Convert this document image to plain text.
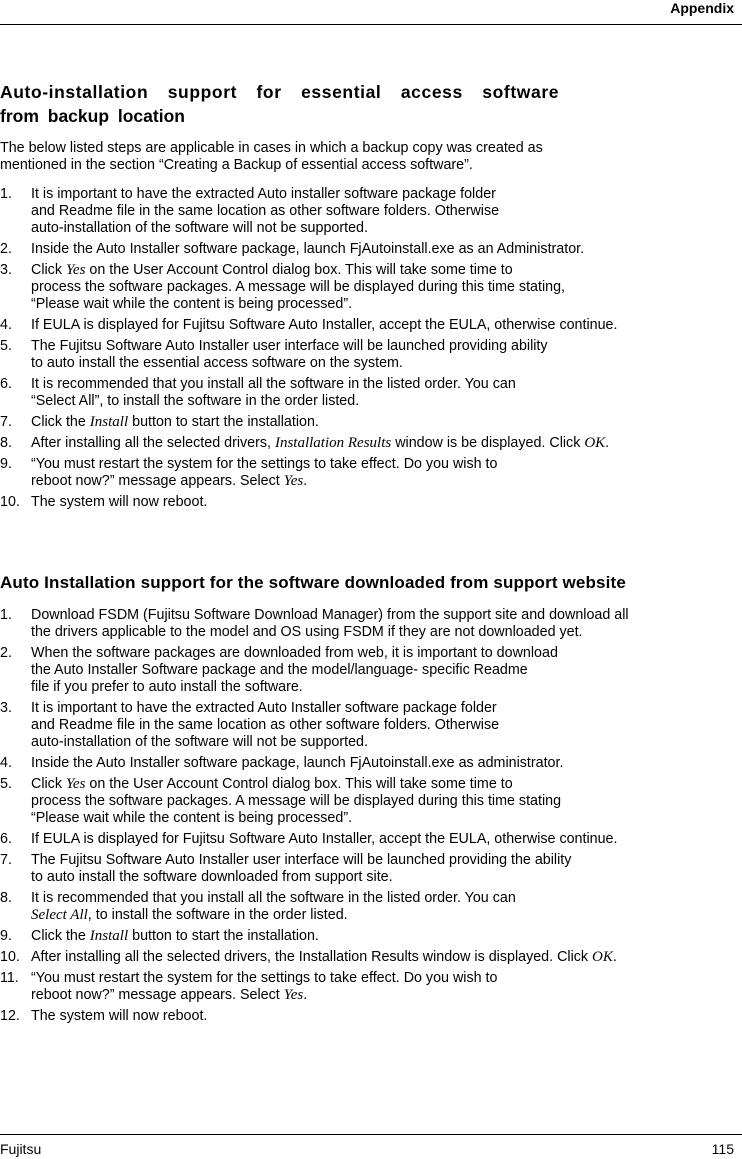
Appendix
Auto-installation support for essential access software
from backup location
The below listed steps are applicable in cases in which a backup copy was created as
mentioned in the section “Creating a Backup of essential access software”.
1. It is important to have the extracted Auto installer software package folder
and Readme file in the same location as other software folders. Otherwise
auto-installation of the software will not be supported.
2. Inside the Auto Installer software package, launch FjAutoinstall.exe as an Administrator.
3. Click Yes on the User Account Control dialog box. This will take some time to
process the software packages. A message will be displayed during this time stating,
“Please wait while the content is being processed”.
4. If EULA is displayed for Fujitsu Software Auto Installer, accept the EULA, otherwise continue.
5. The Fujitsu Software Auto Installer user interface will be launched providing ability
to auto install the essential access software on the system.
6. It is recommended that you install all the software in the listed order. You can
“Select All”, to install the software in the order listed.
7. Click the Install button to start the installation.
8. After installing all the selected drivers, Installation Results window is be displayed. Click OK.
9. “You must restart the system for the settings to take effect. Do you wish to
reboot now?” message appears. Select Yes.
10. The system will now reboot.
Auto Installation support for the software downloaded from support website
1. Download FSDM (Fujitsu Software Download Manager) from the support site and download all
the drivers applicable to the model and OS using FSDM if they are not downloaded yet.
2. When the software packages are downloaded from web, it is important to download
the Auto Installer Software package and the model/language- specific Readme
file if you prefer to auto install the software.
3. It is important to have the extracted Auto Installer software package folder
and Readme file in the same location as other software folders. Otherwise
auto-installation of the software will not be supported.
4. Inside the Auto Installer software package, launch FjAutoinstall.exe as administrator.
5. Click Yes on the User Account Control dialog box. This will take some time to
process the software packages. A message will be displayed during this time stating
“Please wait while the content is being processed”.
6. If EULA is displayed for Fujitsu Software Auto Installer, accept the EULA, otherwise continue.
7. The Fujitsu Software Auto Installer user interface will be launched providing the ability
to auto install the software downloaded from support site.
8. It is recommended that you install all the software in the listed order. You can
Select All, to install the software in the order listed.
9. Click the Install button to start the installation.
10. After installing all the selected drivers, the Installation Results window is displayed. Click OK.
11. “You must restart the system for the settings to take effect. Do you wish to
reboot now?” message appears. Select Yes.
12. The system will now reboot.
Fujitsu	115
